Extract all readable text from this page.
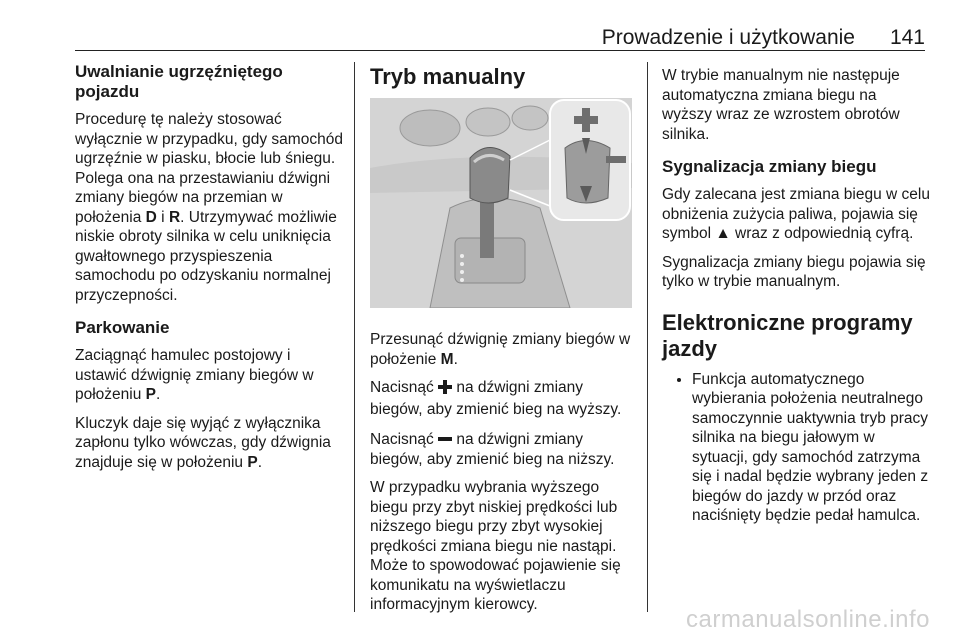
Prowadzenie i użytkowanie 141
Uwalnianie ugrzęźniętego pojazdu

Procedurę tę należy stosować wyłącznie w przypadku, gdy samochód ugrzęźnie w piasku, błocie lub śniegu. Polega ona na przestawianiu dźwigni zmiany biegów na przemian w położenia D i R. Utrzymywać możliwie niskie obroty silnika w celu uniknięcia gwałtownego przyspieszenia samochodu po odzyskaniu normalnej przyczepności.

Parkowanie

Zaciągnąć hamulec postojowy i ustawić dźwignię zmiany biegów w położeniu P.

Kluczyk daje się wyjąć z wyłącznika zapłonu tylko wówczas, gdy dźwignia znajduje się w położeniu P.

Tryb manualny

Przesunąć dźwignię zmiany biegów w położenie M.

Nacisnąć  na dźwigni zmiany biegów, aby zmienić bieg na wyższy.

Nacisnąć  na dźwigni zmiany biegów, aby zmienić bieg na niższy.

W przypadku wybrania wyższego biegu przy zbyt niskiej prędkości lub niższego biegu przy zbyt wysokiej prędkości zmiana biegu nie nastąpi. Może to spowodować pojawienie się komunikatu na wyświetlaczu informacyjnym kierowcy.

W trybie manualnym nie następuje automatyczna zmiana biegu na wyższy wraz ze wzrostem obrotów silnika.

Sygnalizacja zmiany biegu

Gdy zalecana jest zmiana biegu w celu obniżenia zużycia paliwa, pojawia się symbol ▲ wraz z odpowiednią cyfrą.

Sygnalizacja zmiany biegu pojawia się tylko w trybie manualnym.

Elektroniczne programy jazdy
• Funkcja automatycznego wybierania położenia neutralnego samoczynnie uaktywnia tryb pracy silnika na biegu jałowym w sytuacji, gdy samochód zatrzyma się i nadal będzie wybrany jeden z biegów do jazdy w przód oraz naciśnięty będzie pedał hamulca.
carmanualsonline.info
